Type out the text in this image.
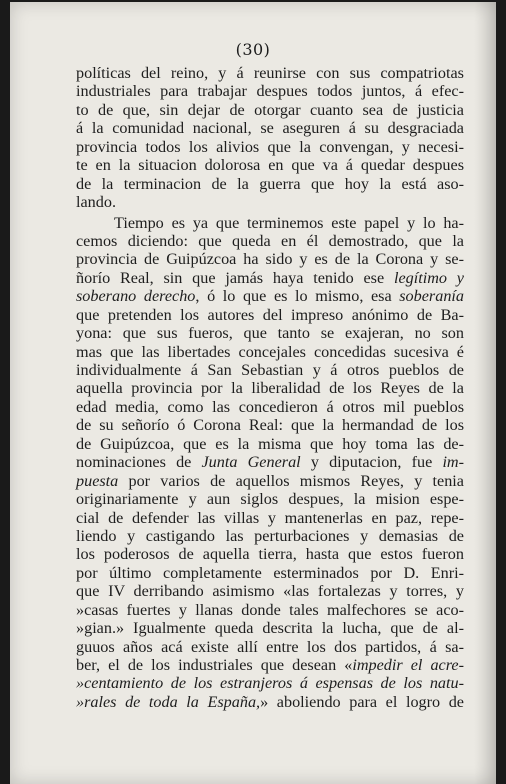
(30)
políticas del reino, y á reunirse con sus compatriotas
industriales para trabajar despues todos juntos, á efec-
to de que, sin dejar de otorgar cuanto sea de justicia
á la comunidad nacional, se aseguren á su desgraciada
provincia todos los alivios que la convengan, y necesi-
te en la situacion dolorosa en que va á quedar despues
de la terminacion de la guerra que hoy la está aso-
lando.
Tiempo es ya que terminemos este papel y lo ha-
cemos diciendo: que queda en él demostrado, que la
provincia de Guipúzcoa ha sido y es de la Corona y se-
ñorío Real, sin que jamás haya tenido ese legítimo y
soberano derecho, ó lo que es lo mismo, esa soberanía
que pretenden los autores del impreso anónimo de Ba-
yona: que sus fueros, que tanto se exajeran, no son
mas que las libertades concejales concedidas sucesiva é
individualmente á San Sebastian y á otros pueblos de
aquella provincia por la liberalidad de los Reyes de la
edad media, como las concedieron á otros mil pueblos
de su señorío ó Corona Real: que la hermandad de los
de Guipúzcoa, que es la misma que hoy toma las de-
nominaciones de Junta General y diputacion, fue im-
puesta por varios de aquellos mismos Reyes, y tenia
originariamente y aun siglos despues, la mision espe-
cial de defender las villas y mantenerlas en paz, repe-
liendo y castigando las perturbaciones y demasias de
los poderosos de aquella tierra, hasta que estos fueron
por último completamente esterminados por D. Enri-
que IV derribando asimismo «las fortalezas y torres, y
»casas fuertes y llanas donde tales malfechores se aco-
»gian.» Igualmente queda descrita la lucha, que de al-
guuos años acá existe allí entre los dos partidos, á sa-
ber, el de los industriales que desean «impedir el acre-
»centamiento de los estranjeros á espensas de los natu-
»rales de toda la España,» aboliendo para el logro de
